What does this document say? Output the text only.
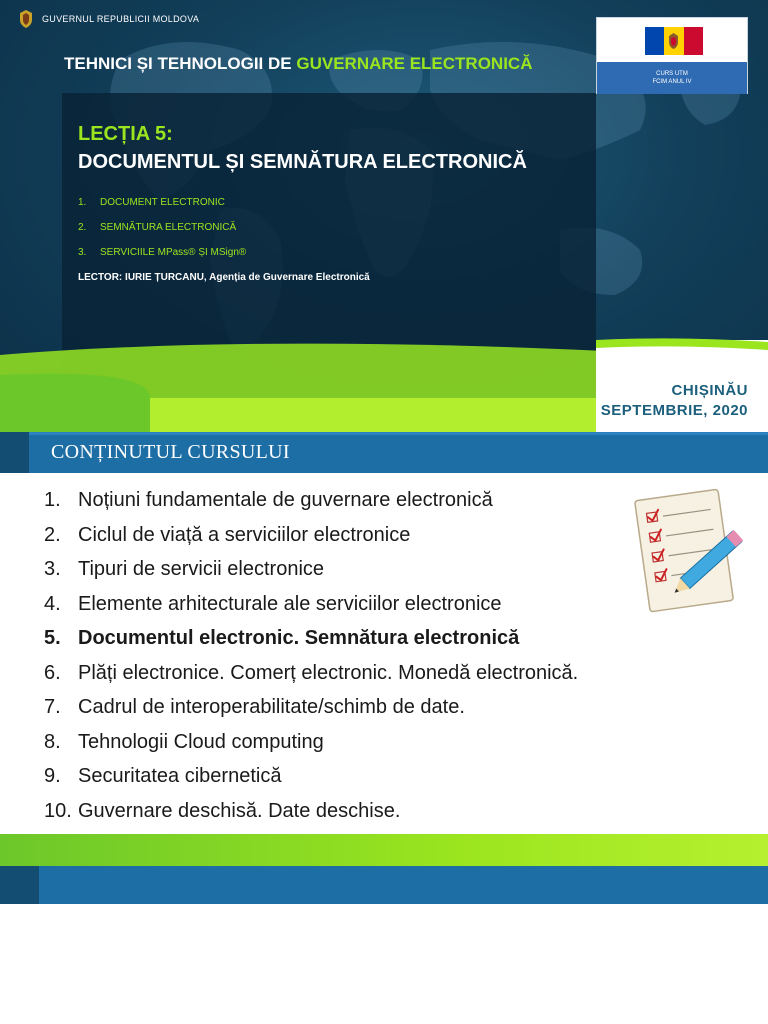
GUVERNUL REPUBLICII MOLDOVA
TEHNICI ȘI TEHNOLOGII DE GUVERNARE ELECTRONICĂ
CURS UTM
FCIM ANUL IV
LECȚIA 5:
DOCUMENTUL ȘI SEMNĂTURA ELECTRONICĂ
1.	DOCUMENT ELECTRONIC
2.	SEMNĂTURA ELECTRONICĂ
3.	SERVICIILE MPass® ȘI MSign®
LECTOR: IURIE ȚURCANU, Agenția de Guvernare Electronică
CHIȘINĂU
SEPTEMBRIE, 2020
CONȚINUTUL CURSULUI
1. Noțiuni fundamentale de guvernare electronică
2. Ciclul de viață a serviciilor electronice
3. Tipuri de servicii electronice
4. Elemente arhitecturale ale serviciilor electronice
5. Documentul electronic. Semnătura electronică
6. Plăți electronice. Comerț electronic. Monedă electronică.
7. Cadrul de interoperabilitate/schimb de date.
8. Tehnologii Cloud computing
9. Securitatea cibernetică
10. Guvernare deschisă. Date deschise.
